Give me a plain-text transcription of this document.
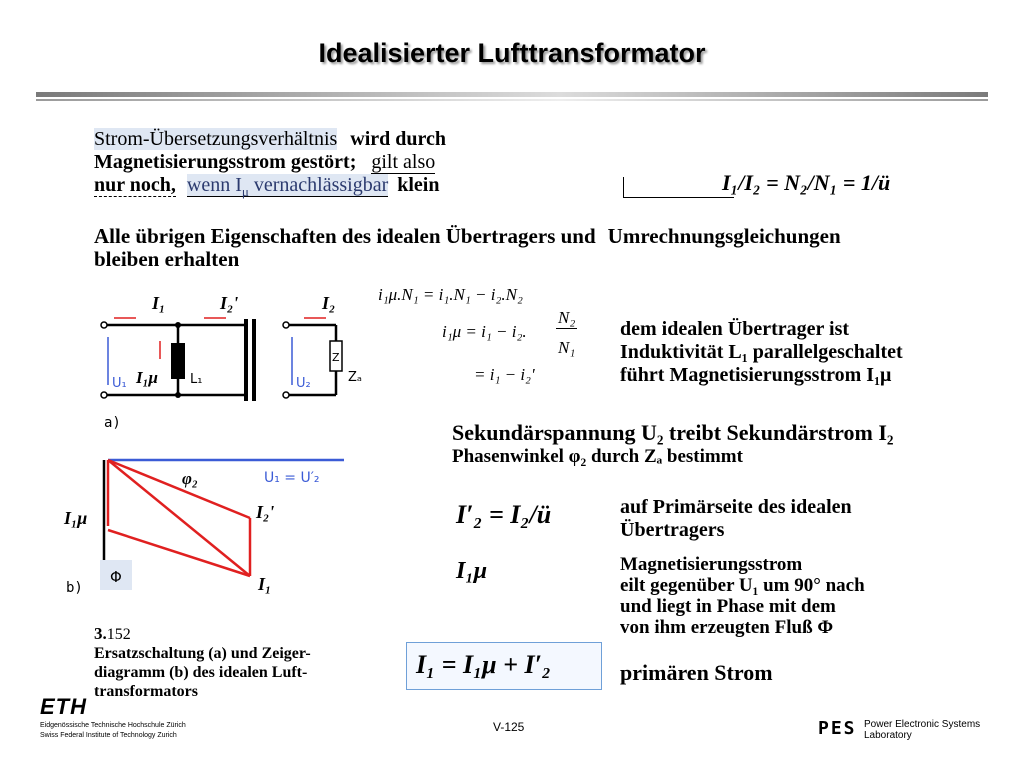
Idealisierter Lufttransformator
Strom-Übersetzungsverhältnis wird durch
Magnetisierungsstrom gestört; gilt also
nur noch, wenn $I_\mu$ vernachlässigbar klein	I₁/I₂ = N₂/N₁ = 1/ü
Alle übrigen Eigenschaften des idealen Übertragers und Umrechnungsgleichungen
bleiben erhalten
i₁μ.N₁ = i₁.N₁ − i₂.N₂
i₁μ = i₁ − i₂.
N₂
N₁
= i₁ − i₂'
dem idealen Übertrager ist
Induktivität L₁ parallelgeschaltet
führt Magnetisierungsstrom I₁μ
Sekundärspannung U₂ treibt Sekundärstrom I₂
Phasenwinkel φ₂ durch Zₐ bestimmt
I′₂ = I₂/ü	auf Primärseite des idealen
Übertragers
I₁μ	Magnetisierungsstrom
eilt gegenüber U₁ um 90° nach
und liegt in Phase mit dem
von ihm erzeugten Fluß Φ
I₁ = I₁μ + I′₂	primären Strom
I₁	I₂'	I₂
I₁μ
U₁	L₁	U₂
Z
Zₐ
a)
φ₂	U₁ = U′₂
I₂'
I₁μ
Φ	I₁
b)
3.152
Ersatzschaltung (a) und Zeiger-
diagramm (b) des idealen Luft-
transformators
ETH
Eidgenössische Technische Hochschule Zürich
Swiss Federal Institute of Technology Zurich
V-125	PES Power Electronic Systems
Laboratory
